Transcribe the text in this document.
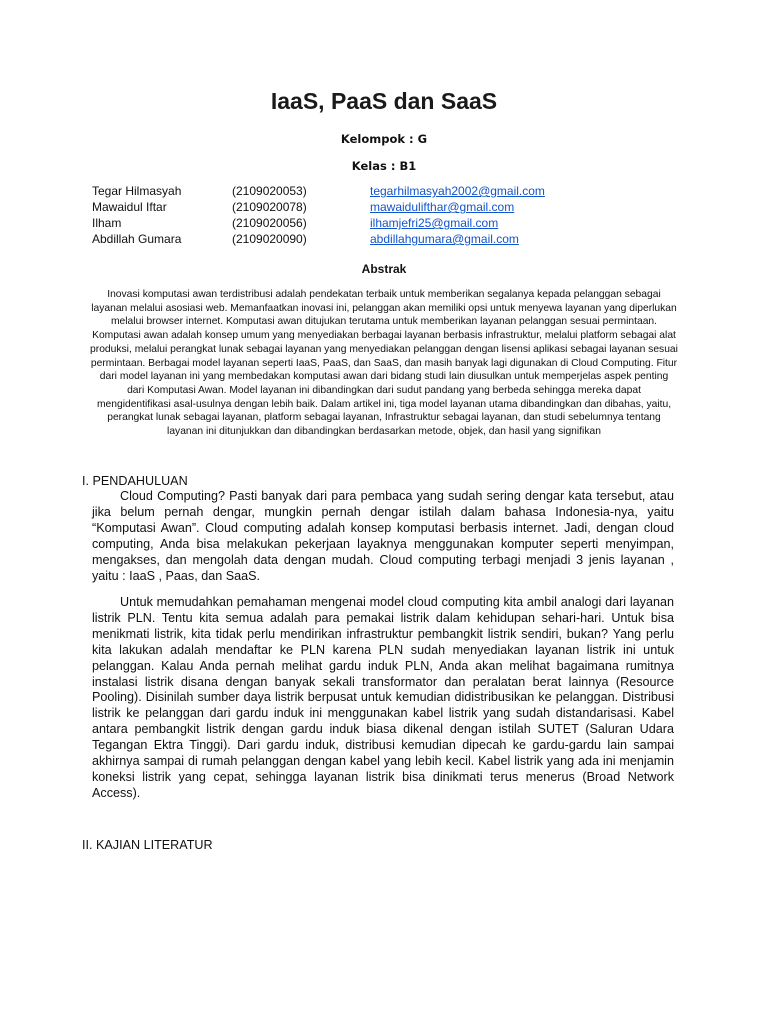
IaaS, PaaS dan SaaS

Kelompok : G

Kelas : B1

Tegar Hilmasyah	(2109020053)	tegarhilmasyah2002@gmail.com
Mawaidul Iftar	(2109020078)	mawaidulifthar@gmail.com
Ilham	(2109020056)	ilhamjefri25@gmail.com
Abdillah Gumara	(2109020090)	abdillahgumara@gmail.com
Abstrak

Inovasi komputasi awan terdistribusi adalah pendekatan terbaik untuk memberikan segalanya kepada pelanggan sebagai layanan melalui asosiasi web. Memanfaatkan inovasi ini, pelanggan akan memiliki opsi untuk menyewa layanan yang diperlukan melalui browser internet. Komputasi awan ditujukan terutama untuk memberikan layanan pelanggan sesuai permintaan. Komputasi awan adalah konsep umum yang menyediakan berbagai layanan berbasis infrastruktur, melalui platform sebagai alat produksi, melalui perangkat lunak sebagai layanan yang menyediakan pelanggan dengan lisensi aplikasi sebagai layanan sesuai permintaan. Berbagai model layanan seperti IaaS, PaaS, dan SaaS, dan masih banyak lagi digunakan di Cloud Computing. Fitur dari model layanan ini yang membedakan komputasi awan dari bidang studi lain diusulkan untuk memperjelas aspek penting dari Komputasi Awan. Model layanan ini dibandingkan dari sudut pandang yang berbeda sehingga mereka dapat mengidentifikasi asal-usulnya dengan lebih baik. Dalam artikel ini, tiga model layanan utama dibandingkan dan dibahas, yaitu, perangkat lunak sebagai layanan, platform sebagai layanan, Infrastruktur sebagai layanan, dan studi sebelumnya tentang layanan ini ditunjukkan dan dibandingkan berdasarkan metode, objek, dan hasil yang signifikan

I. PENDAHULUAN

Cloud Computing? Pasti banyak dari para pembaca yang sudah sering dengar kata tersebut, atau jika belum pernah dengar, mungkin pernah dengar istilah dalam bahasa Indonesia-nya, yaitu “Komputasi Awan”. Cloud computing adalah konsep komputasi berbasis internet. Jadi, dengan cloud computing, Anda bisa melakukan pekerjaan layaknya menggunakan komputer seperti menyimpan, mengakses, dan mengolah data dengan mudah. Cloud computing terbagi menjadi 3 jenis layanan , yaitu : IaaS , Paas, dan SaaS.

Untuk memudahkan pemahaman mengenai model cloud computing kita ambil analogi dari layanan listrik PLN. Tentu kita semua adalah para pemakai listrik dalam kehidupan sehari-hari. Untuk bisa menikmati listrik, kita tidak perlu mendirikan infrastruktur pembangkit listrik sendiri, bukan? Yang perlu kita lakukan adalah mendaftar ke PLN karena PLN sudah menyediakan layanan listrik ini untuk pelanggan. Kalau Anda pernah melihat gardu induk PLN, Anda akan melihat bagaimana rumitnya instalasi listrik disana dengan banyak sekali transformator dan peralatan berat lainnya (Resource Pooling). Disinilah sumber daya listrik berpusat untuk kemudian didistribusikan ke pelanggan. Distribusi listrik ke pelanggan dari gardu induk ini menggunakan kabel listrik yang sudah distandarisasi. Kabel antara pembangkit listrik dengan gardu induk biasa dikenal dengan istilah SUTET (Saluran Udara Tegangan Ektra Tinggi). Dari gardu induk, distribusi kemudian dipecah ke gardu-gardu lain sampai akhirnya sampai di rumah pelanggan dengan kabel yang lebih kecil. Kabel listrik yang ada ini menjamin koneksi listrik yang cepat, sehingga layanan listrik bisa dinikmati terus menerus (Broad Network Access).

II. KAJIAN LITERATUR
